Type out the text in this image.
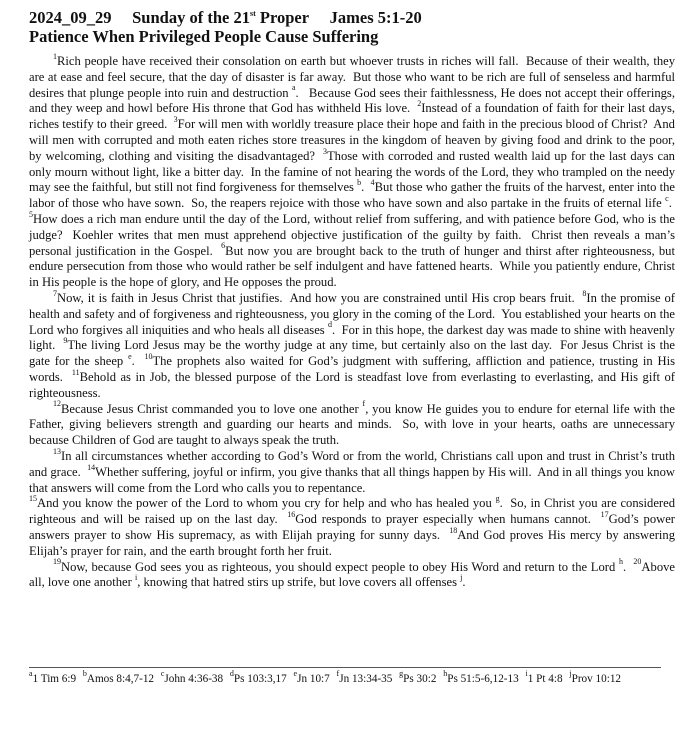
2024_09_29 Sunday of the 21st Proper James 5:1-20
Patience When Privileged People Cause Suffering

$^1$Rich people have received their consolation on earth but whoever trusts in riches will fall.  Because of their wealth, they are at ease and feel secure, that the day of disaster is far away.  But those who want to be rich are full of senseless and harmful desires that plunge people into ruin and destruction $^a$.   Because God sees their faithlessness, He does not accept their offerings, and they weep and howl before His throne that God has withheld His love.  $^2$Instead of a foundation of faith for their last days, riches testify to their greed.  $^3$For will men with worldly treasure place their hope and faith in the precious blood of Christ?  And will men with corrupted and moth eaten riches store treasures in the kingdom of heaven by giving food and drink to the poor, by welcoming, clothing and visiting the disadvantaged?  $^3$Those with corroded and rusted wealth laid up for the last days can only mourn without light, like a bitter day.  In the famine of not hearing the words of the Lord, they who trampled on the needy may see the faithful, but still not find forgiveness for themselves $^b$.  $^4$But those who gather the fruits of the harvest, enter into the labor of those who have sown.  So, the reapers rejoice with those who have sown and also partake in the fruits of eternal life $^c$.  $^5$How does a rich man endure until the day of the Lord, without relief from suffering, and with patience before God, who is the judge?  Koehler writes that men must apprehend objective justification of the guilty by faith.  Christ then reveals a man’s personal justification in the Gospel.  $^6$But now you are brought back to the truth of hunger and thirst after righteousness, but endure persecution from those who would rather be self indulgent and have fattened hearts.  While you patiently endure, Christ in His people is the hope of glory, and He opposes the proud.

$^7$Now, it is faith in Jesus Christ that justifies.  And how you are constrained until His crop bears fruit.  $^8$In the promise of health and safety and of forgiveness and righteousness, you glory in the coming of the Lord.  You established your hearts on the Lord who forgives all iniquities and who heals all diseases $^d$.  For in this hope, the darkest day was made to shine with heavenly light.  $^9$The living Lord Jesus may be the worthy judge at any time, but certainly also on the last day.  For Jesus Christ is the gate for the sheep $^e$.  $^{10}$The prophets also waited for God’s judgment with suffering, affliction and patience, trusting in His words.  $^{11}$Behold as in Job, the blessed purpose of the Lord is steadfast love from everlasting to everlasting, and His gift of righteousness.

$^{12}$Because Jesus Christ commanded you to love one another $^f$, you know He guides you to endure for eternal life with the Father, giving believers strength and guarding our hearts and minds.  So, with love in your hearts, oaths are unnecessary because Children of God are taught to always speak the truth.

$^{13}$In all circumstances whether according to God’s Word or from the world, Christians call upon and trust in Christ’s truth and grace.  $^{14}$Whether suffering, joyful or infirm, you give thanks that all things happen by His will.  And in all things you know that answers will come from the Lord who calls you to repentance.

$^{15}$And you know the power of the Lord to whom you cry for help and who has healed you $^g$.  So, in Christ you are considered righteous and will be raised up on the last day.  $^{16}$God responds to prayer especially when humans cannot.  $^{17}$God’s power answers prayer to show His supremacy, as with Elijah praying for sunny days.  $^{18}$And God proves His mercy by answering Elijah’s prayer for rain, and the earth brought forth her fruit.

$^{19}$Now, because God sees you as righteous, you should expect people to obey His Word and return to the Lord $^h$.  $^{20}$Above all, love one another $^i$, knowing that hatred stirs up strife, but love covers all offenses $^j$.

$^a$1 Tim 6:9 $^b$Amos 8:4,7-12 $^c$John 4:36-38 $^d$Ps 103:3,17 $^e$Jn 10:7 $^f$Jn 13:34-35 $^g$Ps 30:2 $^h$Ps 51:5-6,12-13 $^i$1 Pt 4:8 $^j$Prov 10:12
